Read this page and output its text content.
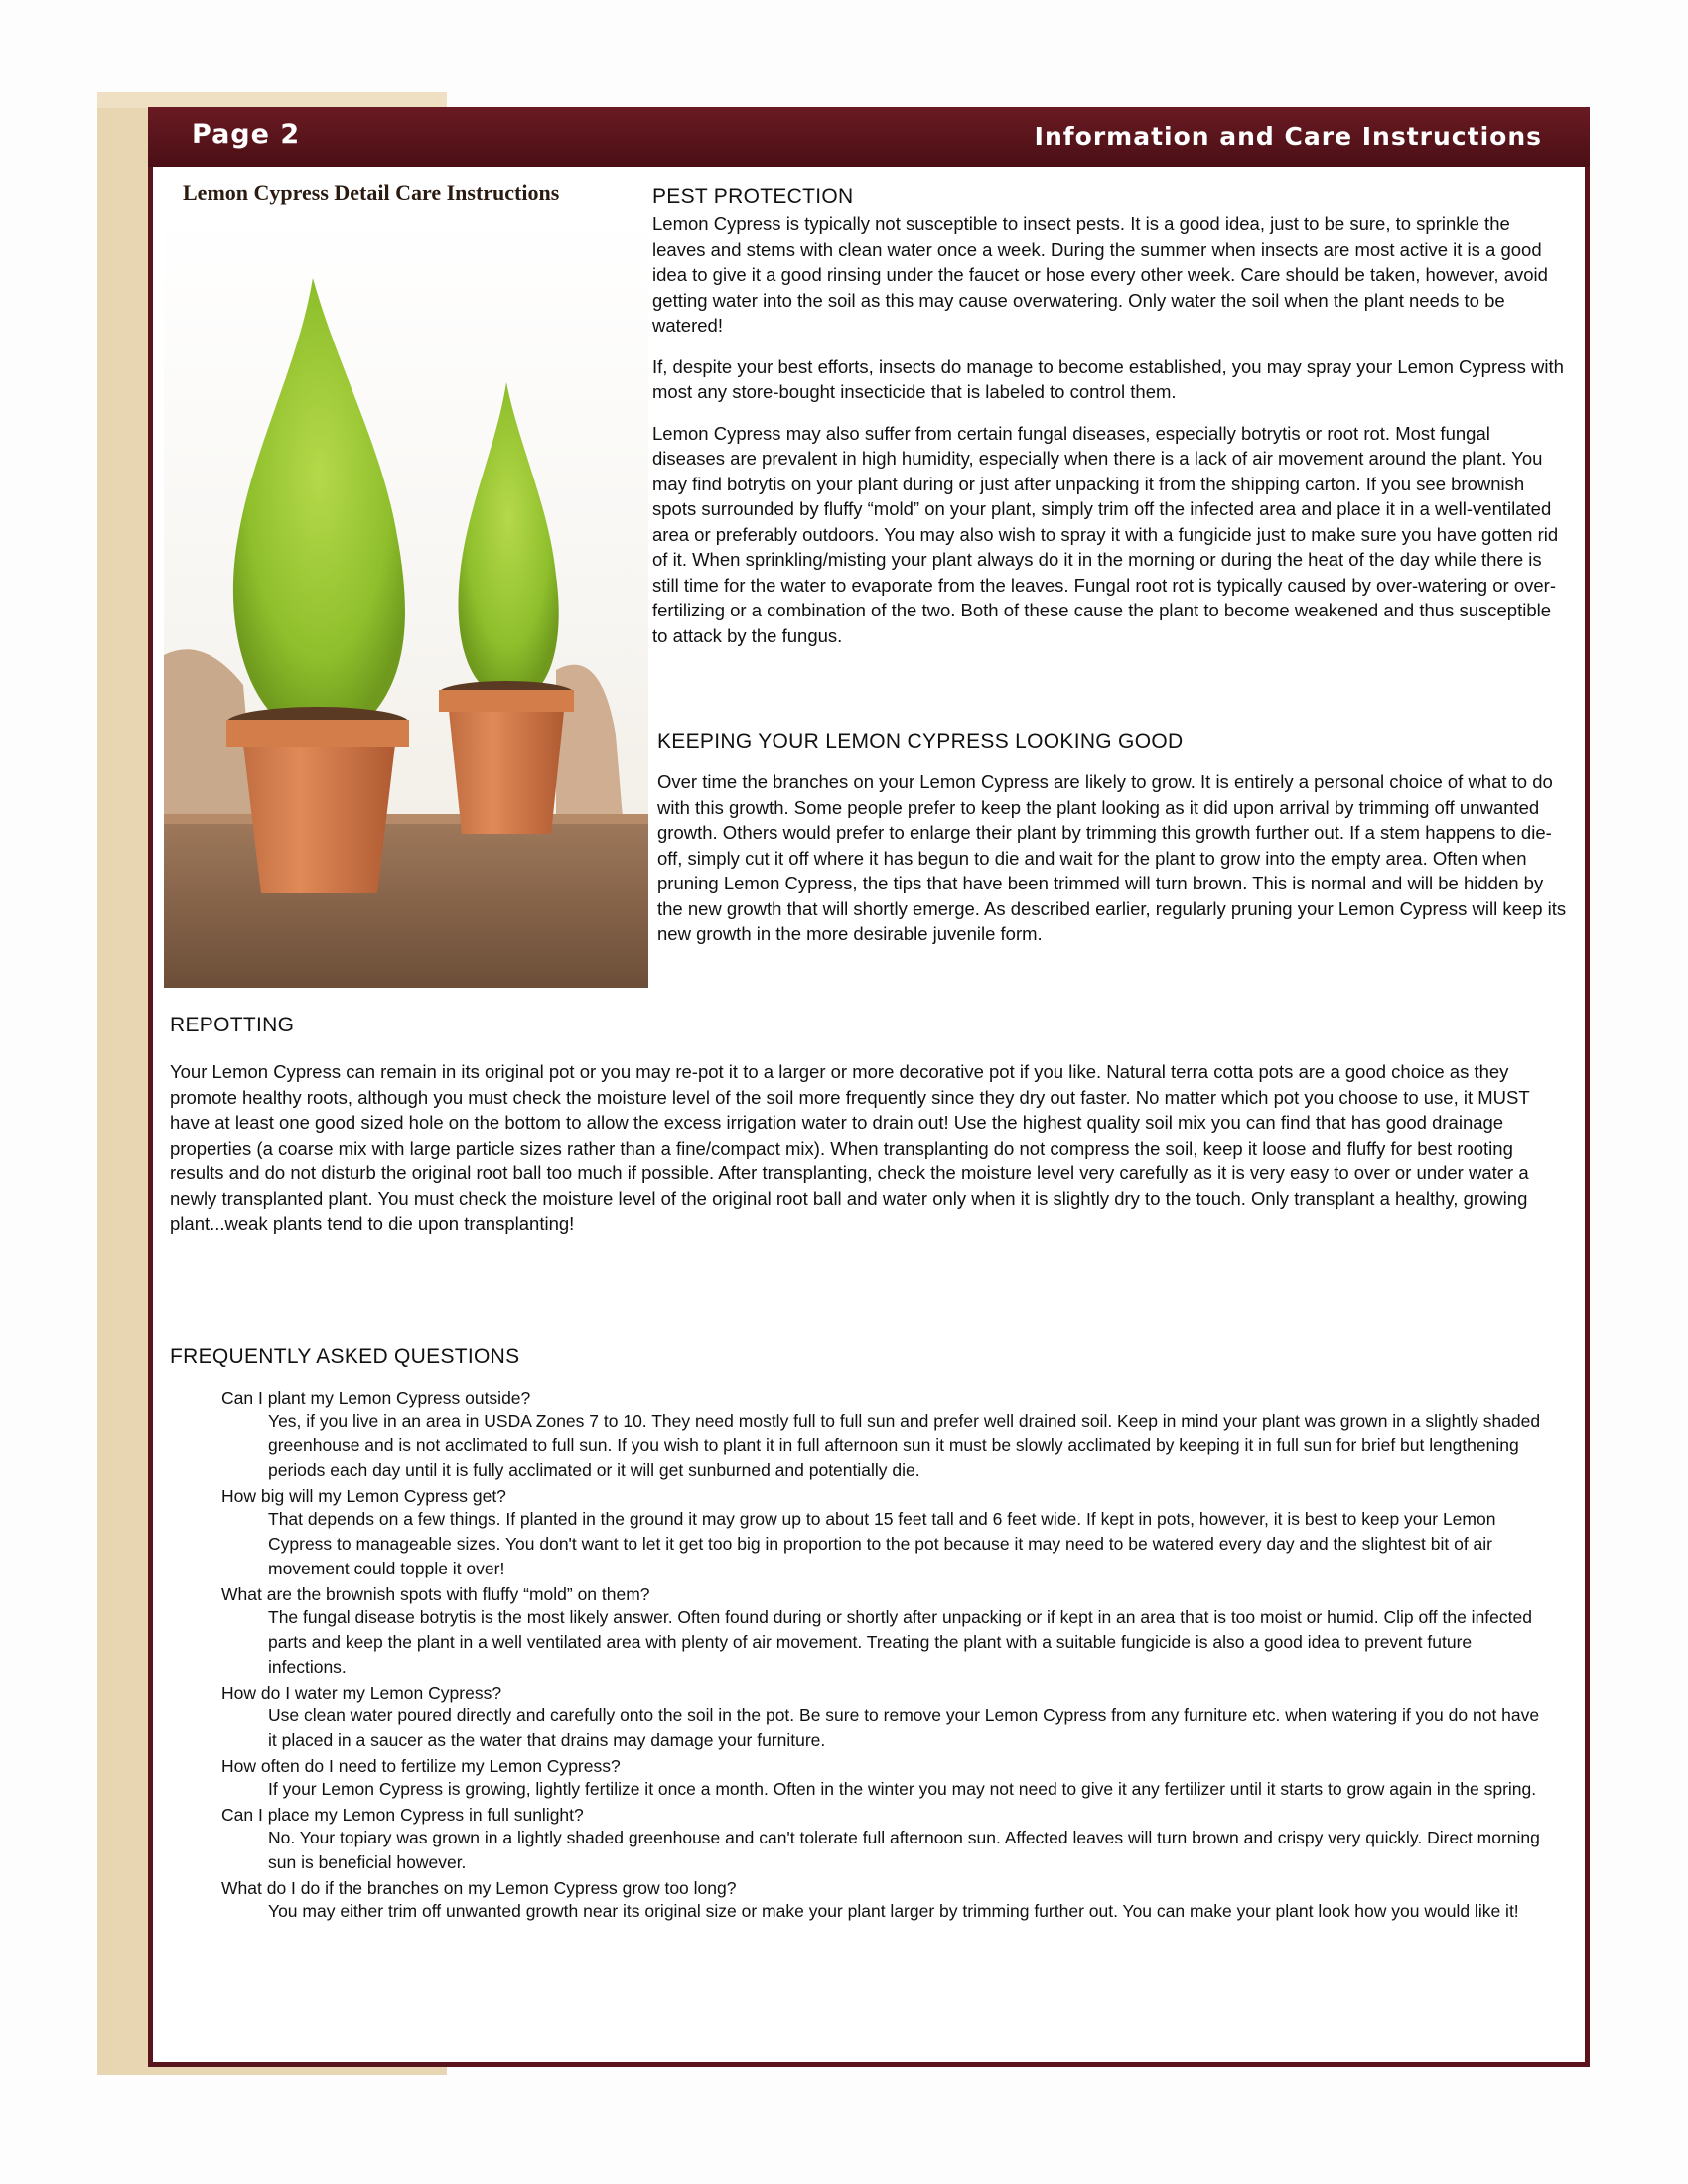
Page 2	Information and Care Instructions
Lemon Cypress Detail Care Instructions	PEST PROTECTION
Lemon Cypress is typically not susceptible to insect pests. It is a good idea, just to be sure, to sprinkle the leaves and stems with clean water once a week. During the summer when insects are most active it is a good idea to give it a good rinsing under the faucet or hose every other week. Care should be taken, however, avoid getting water into the soil as this may cause overwatering. Only water the soil when the plant needs to be watered!
If, despite your best efforts, insects do manage to become established, you may spray your Lemon Cypress with most any store-bought insecticide that is labeled to control them.
Lemon Cypress may also suffer from certain fungal diseases, especially botrytis or root rot. Most fungal diseases are prevalent in high humidity, especially when there is a lack of air movement around the plant. You may find botrytis on your plant during or just after unpacking it from the shipping carton. If you see brownish spots surrounded by fluffy “mold” on your plant, simply trim off the infected area and place it in a well-ventilated area or preferably outdoors. You may also wish to spray it with a fungicide just to make sure you have gotten rid of it. When sprinkling/misting your plant always do it in the morning or during the heat of the day while there is still time for the water to evaporate from the leaves. Fungal root rot is typically caused by over-watering or over-fertilizing or a combination of the two. Both of these cause the plant to become weakened and thus susceptible to attack by the fungus.
KEEPING YOUR LEMON CYPRESS LOOKING GOOD
Over time the branches on your Lemon Cypress are likely to grow. It is entirely a personal choice of what to do with this growth. Some people prefer to keep the plant looking as it did upon arrival by trimming off unwanted growth. Others would prefer to enlarge their plant by trimming this growth further out. If a stem happens to die-off, simply cut it off where it has begun to die and wait for the plant to grow into the empty area. Often when pruning Lemon Cypress, the tips that have been trimmed will turn brown. This is normal and will be hidden by the new growth that will shortly emerge. As described earlier, regularly pruning your Lemon Cypress will keep its new growth in the more desirable juvenile form.
REPOTTING
Your Lemon Cypress can remain in its original pot or you may re-pot it to a larger or more decorative pot if you like. Natural terra cotta pots are a good choice as they promote healthy roots, although you must check the moisture level of the soil more frequently since they dry out faster. No matter which pot you choose to use, it MUST have at least one good sized hole on the bottom to allow the excess irrigation water to drain out! Use the highest quality soil mix you can find that has good drainage properties (a coarse mix with large particle sizes rather than a fine/compact mix). When transplanting do not compress the soil, keep it loose and fluffy for best rooting results and do not disturb the original root ball too much if possible. After transplanting, check the moisture level very carefully as it is very easy to over or under water a newly transplanted plant. You must check the moisture level of the original root ball and water only when it is slightly dry to the touch. Only transplant a healthy, growing plant...weak plants tend to die upon transplanting!
FREQUENTLY ASKED QUESTIONS
Can I plant my Lemon Cypress outside?
Yes, if you live in an area in USDA Zones 7 to 10. They need mostly full to full sun and prefer well drained soil. Keep in mind your plant was grown in a slightly shaded greenhouse and is not acclimated to full sun. If you wish to plant it in full afternoon sun it must be slowly acclimated by keeping it in full sun for brief but lengthening periods each day until it is fully acclimated or it will get sunburned and potentially die.
How big will my Lemon Cypress get?
That depends on a few things. If planted in the ground it may grow up to about 15 feet tall and 6 feet wide. If kept in pots, however, it is best to keep your Lemon Cypress to manageable sizes. You don't want to let it get too big in proportion to the pot because it may need to be watered every day and the slightest bit of air movement could topple it over!
What are the brownish spots with fluffy “mold” on them?
The fungal disease botrytis is the most likely answer. Often found during or shortly after unpacking or if kept in an area that is too moist or humid. Clip off the infected parts and keep the plant in a well ventilated area with plenty of air movement. Treating the plant with a suitable fungicide is also a good idea to prevent future infections.
How do I water my Lemon Cypress?
Use clean water poured directly and carefully onto the soil in the pot. Be sure to remove your Lemon Cypress from any furniture etc. when watering if you do not have it placed in a saucer as the water that drains may damage your furniture.
How often do I need to fertilize my Lemon Cypress?
If your Lemon Cypress is growing, lightly fertilize it once a month. Often in the winter you may not need to give it any fertilizer until it starts to grow again in the spring.
Can I place my Lemon Cypress in full sunlight?
No. Your topiary was grown in a lightly shaded greenhouse and can't tolerate full afternoon sun. Affected leaves will turn brown and crispy very quickly. Direct morning sun is beneficial however.
What do I do if the branches on my Lemon Cypress grow too long?
You may either trim off unwanted growth near its original size or make your plant larger by trimming further out. You can make your plant look how you would like it!
